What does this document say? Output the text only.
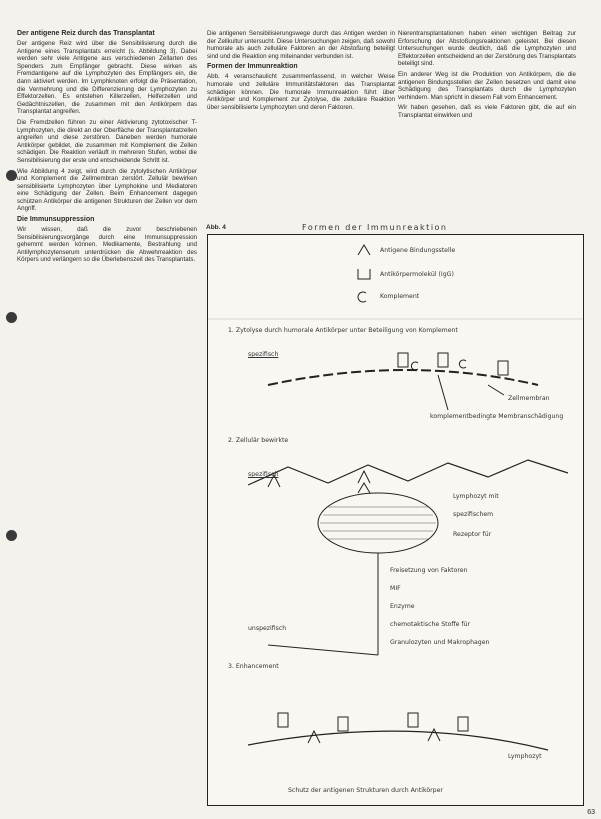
Der antigene Reiz durch das Transplantat

Der antigene Reiz wird über die Sensibilisierung durch die Antigene eines Transplantats erreicht (s. Abbildung 3). Dabei werden sehr viele Antigene aus verschiedenen Zellarten des Spenders zum Empfänger gebracht. Diese wirken als Fremdantigene auf die Lymphozyten des Empfängers ein, die dann aktiviert werden. Im Lymphknoten erfolgt die Präsentation, die Vermehrung und die Differenzierung der Lymphozyten zu Effektorzellen. Es entstehen Killerzellen, Helferzellen und Gedächtniszellen, die zusammen mit den Antikörpern das Transplantat angreifen.

Die Fremdzellen führen zu einer Aktivierung zytotoxischer T-Lymphozyten, die direkt an der Oberfläche der Transplantatzellen angreifen und diese zerstören. Daneben werden humorale Antikörper gebildet, die zusammen mit Komplement die Zellen schädigen. Die Reaktion verläuft in mehreren Stufen, wobei die Sensibilisierung der erste und entscheidende Schritt ist.

Wie Abbildung 4 zeigt, wird durch die zytolytischen Antikörper und Komplement die Zellmembran zerstört. Zellulär bewirken sensibilisierte Lymphozyten über Lymphokine und Mediatoren eine Schädigung der Zellen. Beim Enhancement dagegen schützen Antikörper die antigenen Strukturen der Zellen vor dem Angriff.

Die Immunsuppression

Wir wissen, daß die zuvor beschriebenen Sensibilisierungsvorgänge durch eine Immunsuppression gehemmt werden können. Medikamente, Bestrahlung und Antilymphozytenserum unterdrücken die Abwehrreaktion des Körpers und verlängern so die Überlebenszeit des Transplantats.

Die antigenen Sensibilisierungswege durch das Antigen werden in der Zellkultur untersucht. Diese Untersuchungen zeigen, daß sowohl humorale als auch zelluläre Faktoren an der Abstoßung beteiligt sind und die Reaktion eng miteinander verbunden ist.

Formen der Immunreaktion

Abb. 4 veranschaulicht zusammenfassend, in welcher Weise humorale und zelluläre Immunitätsfaktoren das Transplantat schädigen können. Die humorale Immunreaktion führt über Antikörper und Komplement zur Zytolyse, die zelluläre Reaktion über sensibilisierte Lymphozyten und deren Faktoren.

Nierentransplantationen haben einen wichtigen Beitrag zur Erforschung der Abstoßungsreaktionen geleistet. Bei diesen Untersuchungen wurde deutlich, daß die Lymphozyten und Effektorzellen entscheidend an der Zerstörung des Transplantats beteiligt sind.

Ein anderer Weg ist die Produktion von Antikörpern, die die antigenen Bindungsstellen der Zellen besetzen und damit eine Schädigung des Transplantats durch die Lymphozyten verhindern. Man spricht in diesem Fall vom Enhancement.

Wir haben gesehen, daß es viele Faktoren gibt, die auf ein Transplantat einwirken und

Abb. 4	Formen der Immunreaktion
Antigene Bindungsstelle
Antikörpermolekül (IgG)
Komplement
1. Zytolyse durch humorale Antikörper unter Beteiligung von Komplement
spezifisch
Zellmembran
komplementbedingte Membranschädigung
2. Zellulär bewirkte
spezifisch
Lymphozyt mit
spezifischem
Rezeptor für
Freisetzung von Faktoren
MIF
Enzyme
chemotaktische Stoffe für
Granulozyten und Makrophagen
unspezifisch
3. Enhancement
Lymphozyt
Schutz der antigenen Strukturen durch Antikörper
63
